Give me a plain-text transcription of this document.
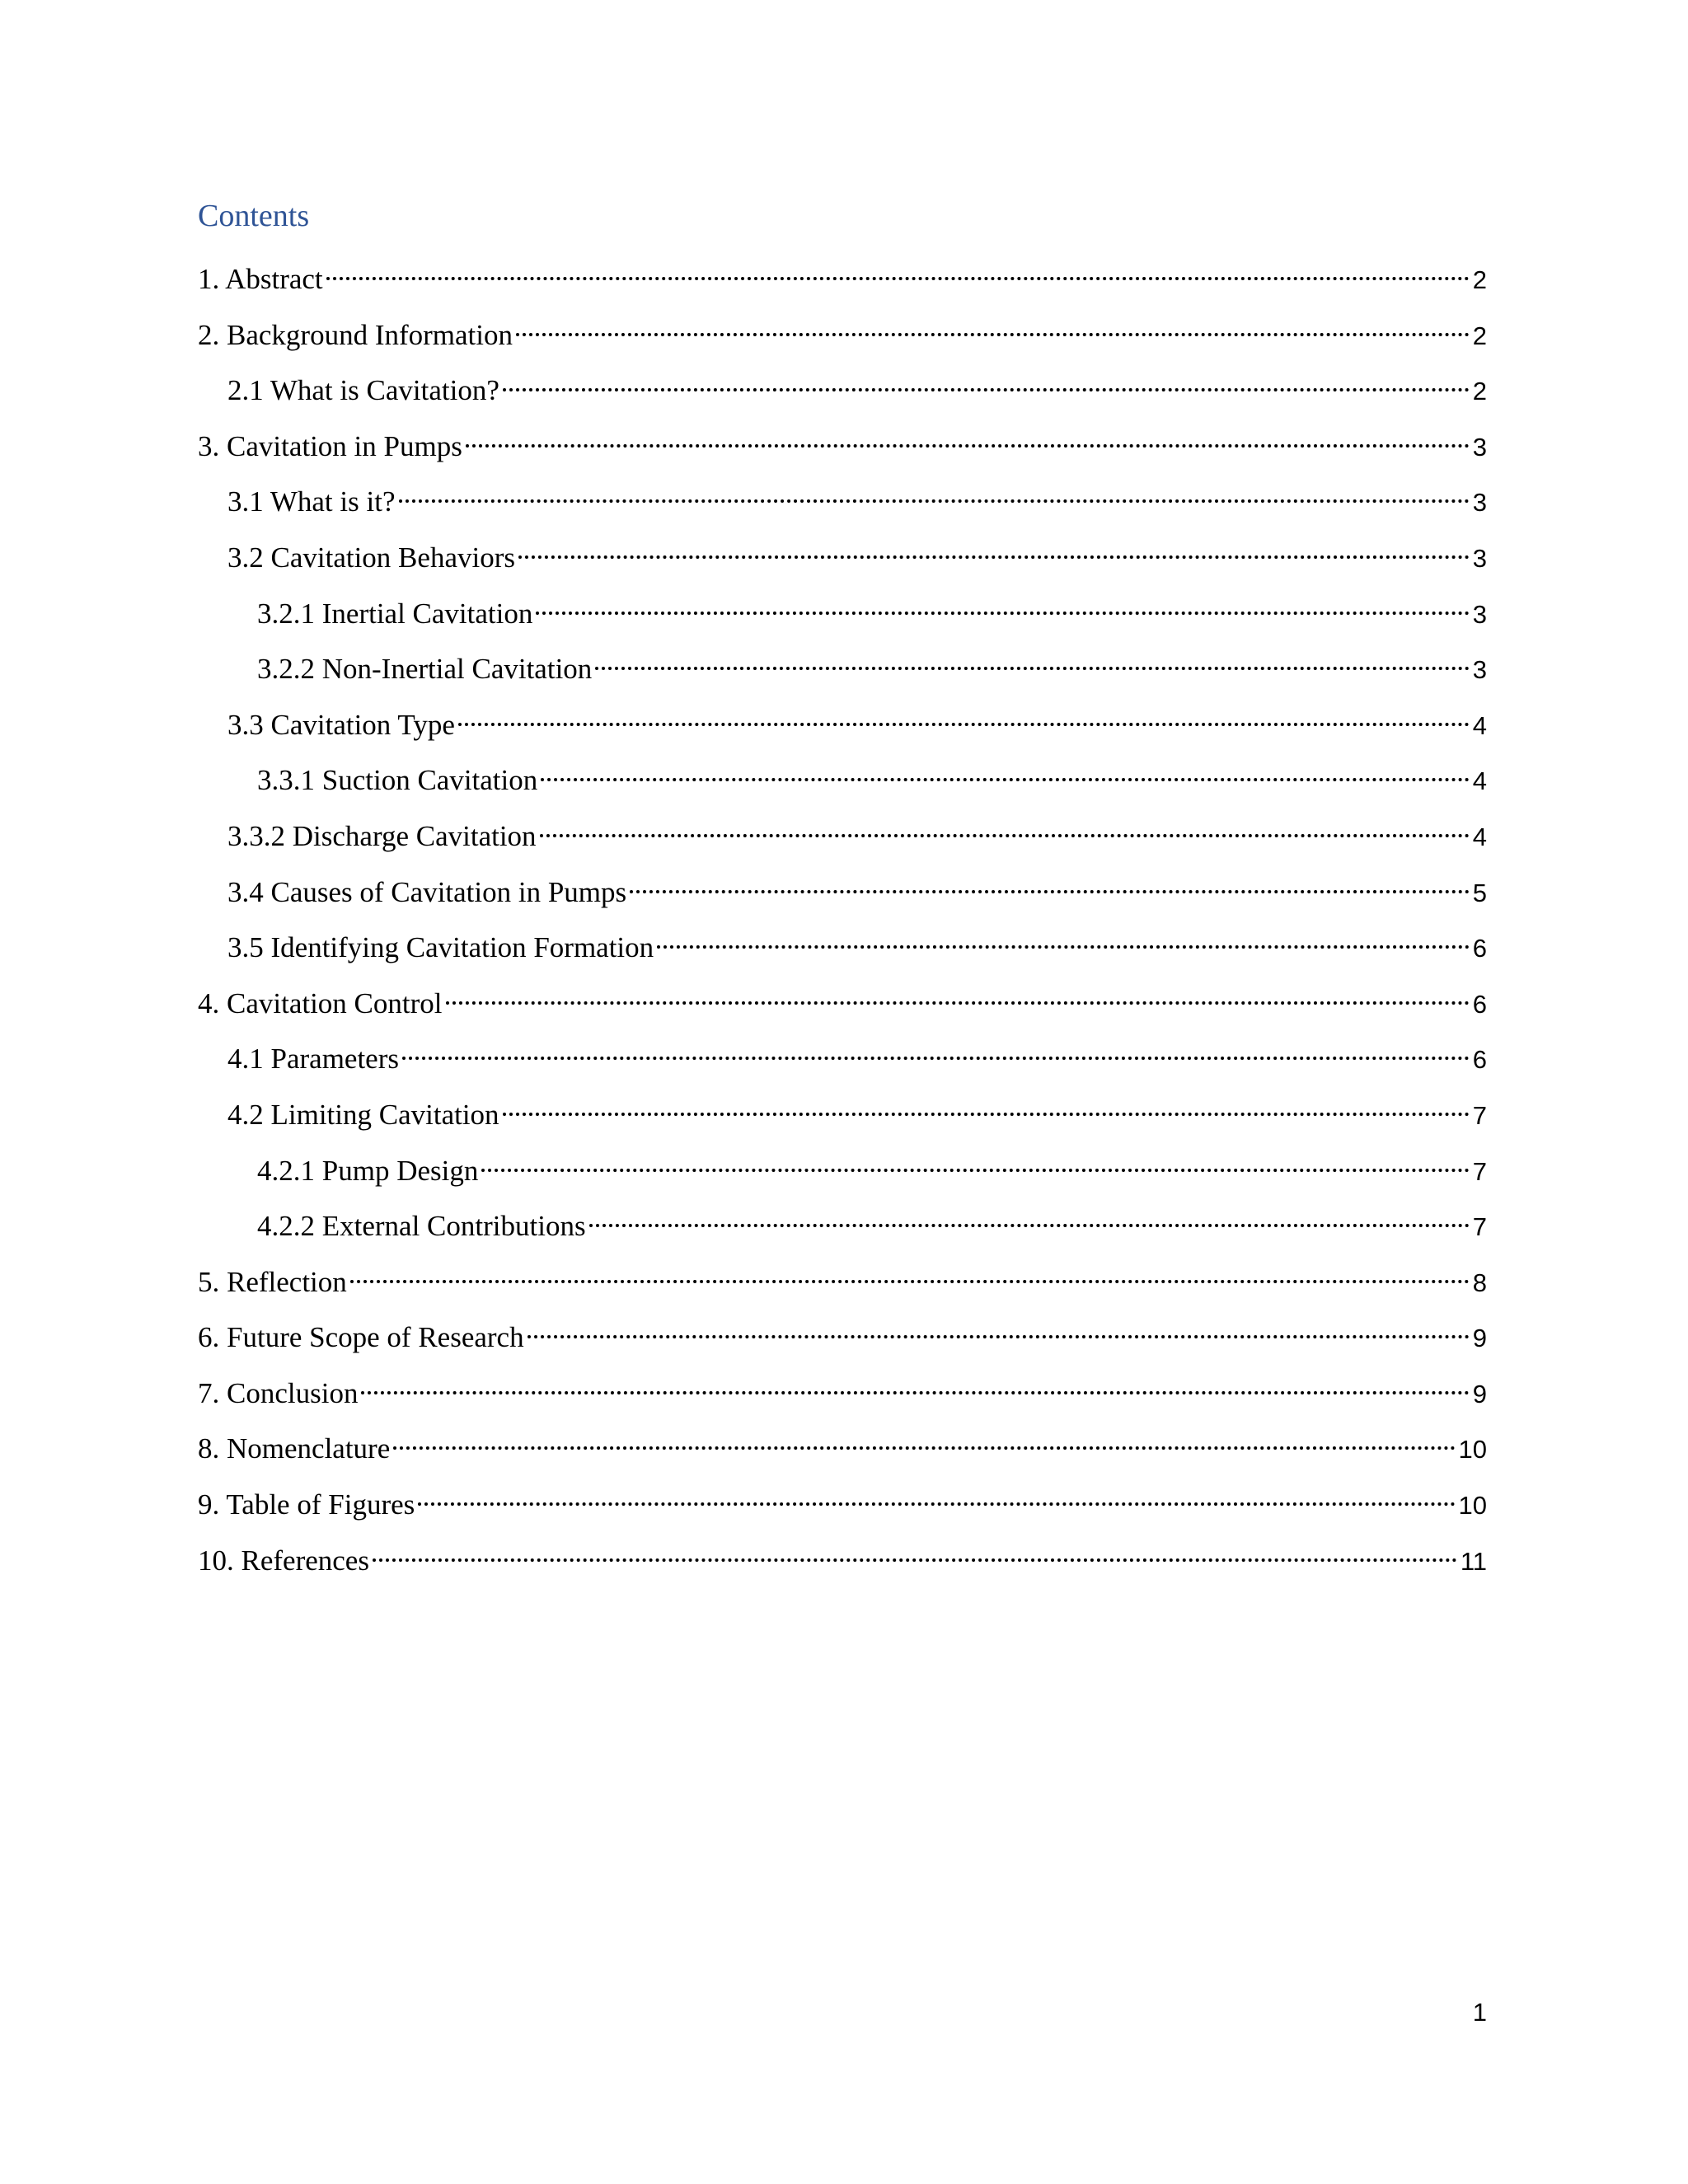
Contents
1. Abstract	2
2. Background Information	2
2.1 What is Cavitation?	2
3. Cavitation in Pumps	3
3.1 What is it?	3
3.2 Cavitation Behaviors	3
3.2.1 Inertial Cavitation	3
3.2.2 Non-Inertial Cavitation	3
3.3 Cavitation Type	4
3.3.1 Suction Cavitation	4
3.3.2 Discharge Cavitation	4
3.4 Causes of Cavitation in Pumps	5
3.5 Identifying Cavitation Formation	6
4. Cavitation Control	6
4.1 Parameters	6
4.2 Limiting Cavitation	7
4.2.1 Pump Design	7
4.2.2 External Contributions	7
5. Reflection	8
6. Future Scope of Research	9
7. Conclusion	9
8. Nomenclature	10
9. Table of Figures	10
10. References	11
1
